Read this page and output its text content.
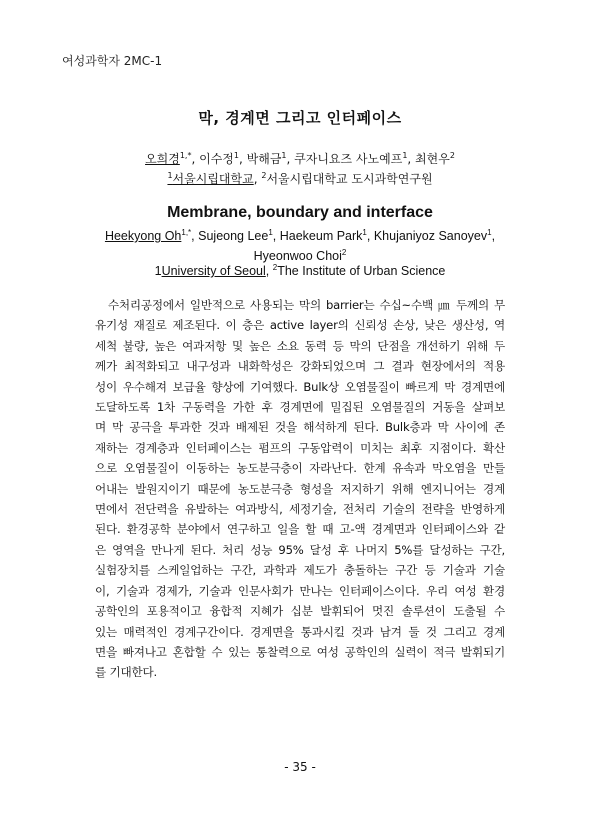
여성과학자 2MC-1
막, 경계면 그리고 인터페이스
오희경$^{1,*}$, 이수정$^1$, 박해금$^1$, 쿠자니요즈 사노예프$^1$, 최현우$^2$
$^1$서울시립대학교, $^2$서울시립대학교 도시과학연구원
Membrane, boundary and interface
Heekyong $Oh^{1,*}$, Sujeong Lee$^1$, Haekeum Park$^1$, Khujaniyoz Sanoyev$^1$, Hyeonwoo Choi$^2$
1University of Seoul, $^2$The Institute of Urban Science
　수처리공정에서 일반적으로 사용되는 막의 barrier는 수십~수백 ㎛ 두께의 무
유기성 재질로 제조된다. 이 층은 active layer의 신뢰성 손상, 낮은 생산성, 역
세척 불량, 높은 여과저항 및 높은 소요 동력 등 막의 단점을 개선하기 위해 두
께가 최적화되고 내구성과 내화학성은 강화되었으며 그 결과 현장에서의 적용
성이 우수해져 보급율 향상에 기여했다. Bulk상 오염물질이 빠르게 막 경계면에
도달하도록 1차 구동력을 가한 후 경계면에 밀집된 오염물질의 거동을 살펴보
며 막 공극을 투과한 것과 배제된 것을 해석하게 된다. Bulk층과 막 사이에 존
재하는 경계층과 인터페이스는 펌프의 구동압력이 미치는 최후 지점이다. 확산
으로 오염물질이 이동하는 농도분극층이 자라난다. 한계 유속과 막오염을 만들
어내는 발원지이기 때문에 농도분극층 형성을 저지하기 위해 엔지니어는 경계
면에서 전단력을 유발하는 여과방식, 세정기술, 전처리 기술의 전략을 반영하게
된다. 환경공학 분야에서 연구하고 일을 할 때 고-액 경계면과 인터페이스와 같
은 영역을 만나게 된다. 처리 성능 95% 달성 후 나머지 5%를 달성하는 구간,
실험장치를 스케일업하는 구간, 과학과 제도가 충돌하는 구간 등 기술과 기술
이, 기술과 경제가, 기술과 인문사회가 만나는 인터페이스이다. 우리 여성 환경
공학인의 포용적이고 융합적 지혜가 십분 발휘되어 멋진 솔루션이 도출될 수
있는 매력적인 경계구간이다. 경계면을 통과시킬 것과 남겨 둘 것 그리고 경계
면을 빠져나고 혼합할 수 있는 통찰력으로 여성 공학인의 실력이 적극 발휘되기
를 기대한다.
- 35 -
